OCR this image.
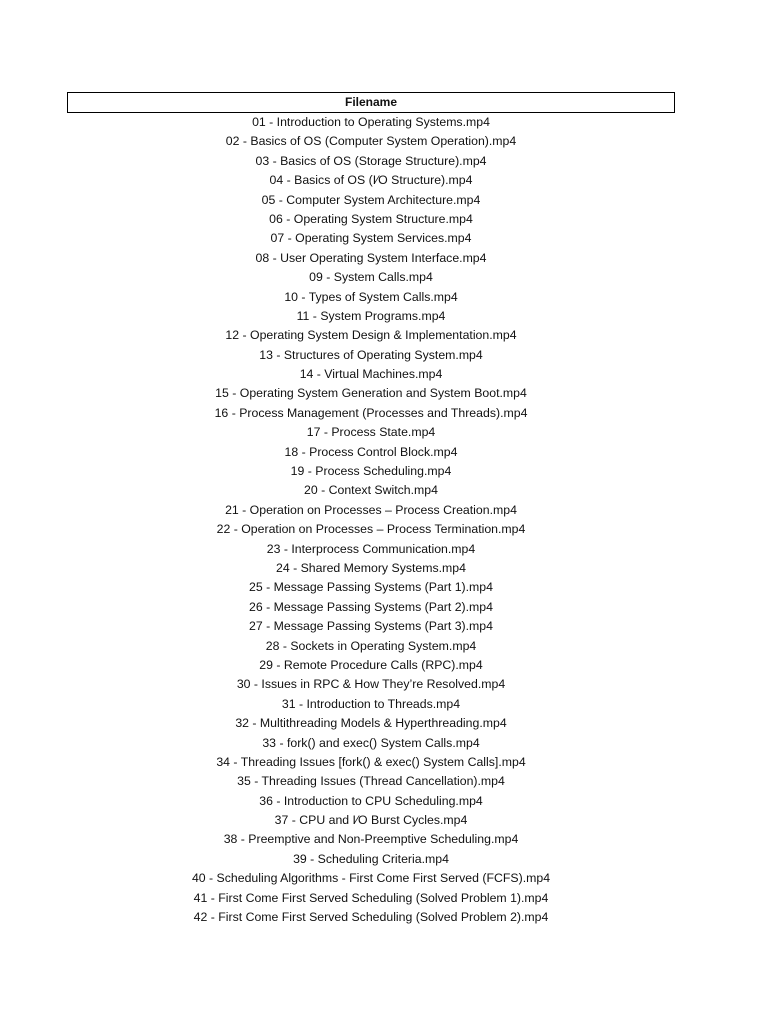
Filename
01 - Introduction to Operating Systems.mp4
02 - Basics of OS (Computer System Operation).mp4
03 - Basics of OS (Storage Structure).mp4
04 - Basics of OS (I⁄O Structure).mp4
05 - Computer System Architecture.mp4
06 - Operating System Structure.mp4
07 - Operating System Services.mp4
08 - User Operating System Interface.mp4
09 - System Calls.mp4
10 - Types of System Calls.mp4
11 - System Programs.mp4
12 - Operating System Design & Implementation.mp4
13 - Structures of Operating System.mp4
14 - Virtual Machines.mp4
15 - Operating System Generation and System Boot.mp4
16 - Process Management (Processes and Threads).mp4
17 - Process State.mp4
18 - Process Control Block.mp4
19 - Process Scheduling.mp4
20 - Context Switch.mp4
21 - Operation on Processes – Process Creation.mp4
22 - Operation on Processes – Process Termination.mp4
23 - Interprocess Communication.mp4
24 - Shared Memory Systems.mp4
25 - Message Passing Systems (Part 1).mp4
26 - Message Passing Systems (Part 2).mp4
27 - Message Passing Systems (Part 3).mp4
28 - Sockets in Operating System.mp4
29 - Remote Procedure Calls (RPC).mp4
30 - Issues in RPC & How They’re Resolved.mp4
31 - Introduction to Threads.mp4
32 - Multithreading Models & Hyperthreading.mp4
33 - fork() and exec() System Calls.mp4
34 - Threading Issues [fork() & exec() System Calls].mp4
35 - Threading Issues (Thread Cancellation).mp4
36 - Introduction to CPU Scheduling.mp4
37 - CPU and I⁄O Burst Cycles.mp4
38 - Preemptive and Non-Preemptive Scheduling.mp4
39 - Scheduling Criteria.mp4
40 - Scheduling Algorithms - First Come First Served (FCFS).mp4
41 - First Come First Served Scheduling (Solved Problem 1).mp4
42 - First Come First Served Scheduling (Solved Problem 2).mp4
